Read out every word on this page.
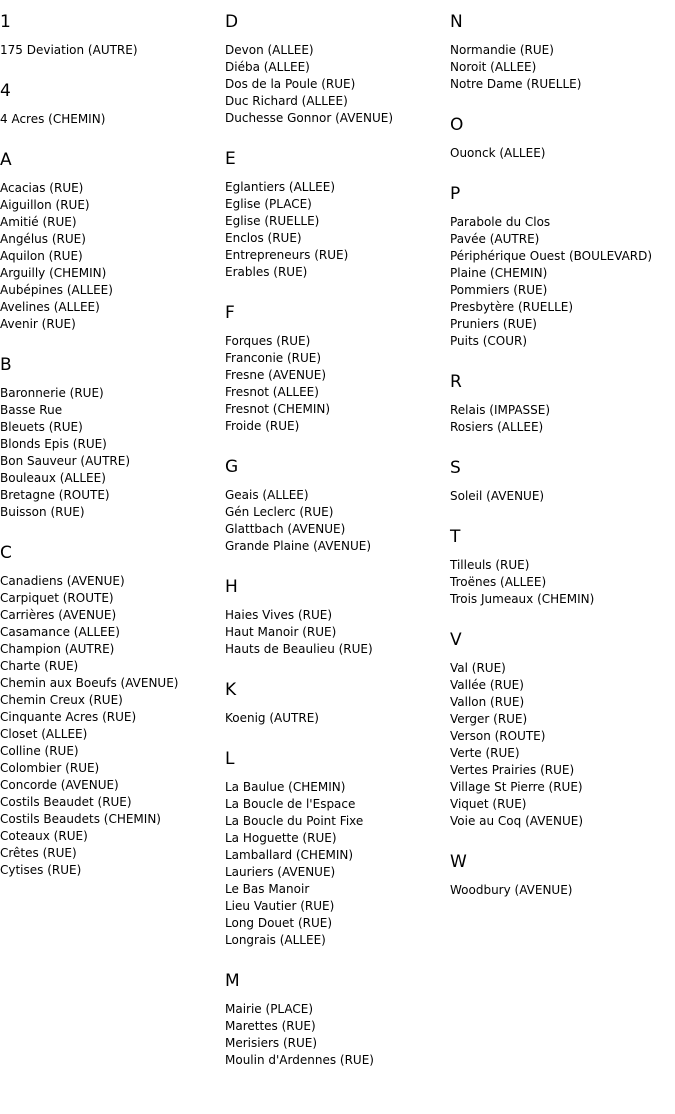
1
175 Deviation (AUTRE)
4
4 Acres (CHEMIN)
A
Acacias (RUE)
Aiguillon (RUE)
Amitié (RUE)
Angélus (RUE)
Aquilon (RUE)
Arguilly (CHEMIN)
Aubépines (ALLEE)
Avelines (ALLEE)
Avenir (RUE)
B
Baronnerie (RUE)
Basse Rue
Bleuets (RUE)
Blonds Epis (RUE)
Bon Sauveur (AUTRE)
Bouleaux (ALLEE)
Bretagne (ROUTE)
Buisson (RUE)
C
Canadiens (AVENUE)
Carpiquet (ROUTE)
Carrières (AVENUE)
Casamance (ALLEE)
Champion (AUTRE)
Charte (RUE)
Chemin aux Boeufs (AVENUE)
Chemin Creux (RUE)
Cinquante Acres (RUE)
Closet (ALLEE)
Colline (RUE)
Colombier (RUE)
Concorde (AVENUE)
Costils Beaudet (RUE)
Costils Beaudets (CHEMIN)
Coteaux (RUE)
Crêtes (RUE)
Cytises (RUE)
D
Devon (ALLEE)
Diéba (ALLEE)
Dos de la Poule (RUE)
Duc Richard (ALLEE)
Duchesse Gonnor (AVENUE)
E
Eglantiers (ALLEE)
Eglise (PLACE)
Eglise (RUELLE)
Enclos (RUE)
Entrepreneurs (RUE)
Erables (RUE)
F
Forques (RUE)
Franconie (RUE)
Fresne (AVENUE)
Fresnot (ALLEE)
Fresnot (CHEMIN)
Froide (RUE)
G
Geais (ALLEE)
Gén Leclerc (RUE)
Glattbach (AVENUE)
Grande Plaine (AVENUE)
H
Haies Vives (RUE)
Haut Manoir (RUE)
Hauts de Beaulieu (RUE)
K
Koenig (AUTRE)
L
La Baulue (CHEMIN)
La Boucle de l'Espace
La Boucle du Point Fixe
La Hoguette (RUE)
Lamballard (CHEMIN)
Lauriers (AVENUE)
Le Bas Manoir
Lieu Vautier (RUE)
Long Douet (RUE)
Longrais (ALLEE)
M
Mairie (PLACE)
Marettes (RUE)
Merisiers (RUE)
Moulin d'Ardennes (RUE)
N
Normandie (RUE)
Noroit (ALLEE)
Notre Dame (RUELLE)
O
Ouonck (ALLEE)
P
Parabole du Clos
Pavée (AUTRE)
Périphérique Ouest (BOULEVARD)
Plaine (CHEMIN)
Pommiers (RUE)
Presbytère (RUELLE)
Pruniers (RUE)
Puits (COUR)
R
Relais (IMPASSE)
Rosiers (ALLEE)
S
Soleil (AVENUE)
T
Tilleuls (RUE)
Troënes (ALLEE)
Trois Jumeaux (CHEMIN)
V
Val (RUE)
Vallée (RUE)
Vallon (RUE)
Verger (RUE)
Verson (ROUTE)
Verte (RUE)
Vertes Prairies (RUE)
Village St Pierre (RUE)
Viquet (RUE)
Voie au Coq (AVENUE)
W
Woodbury (AVENUE)
